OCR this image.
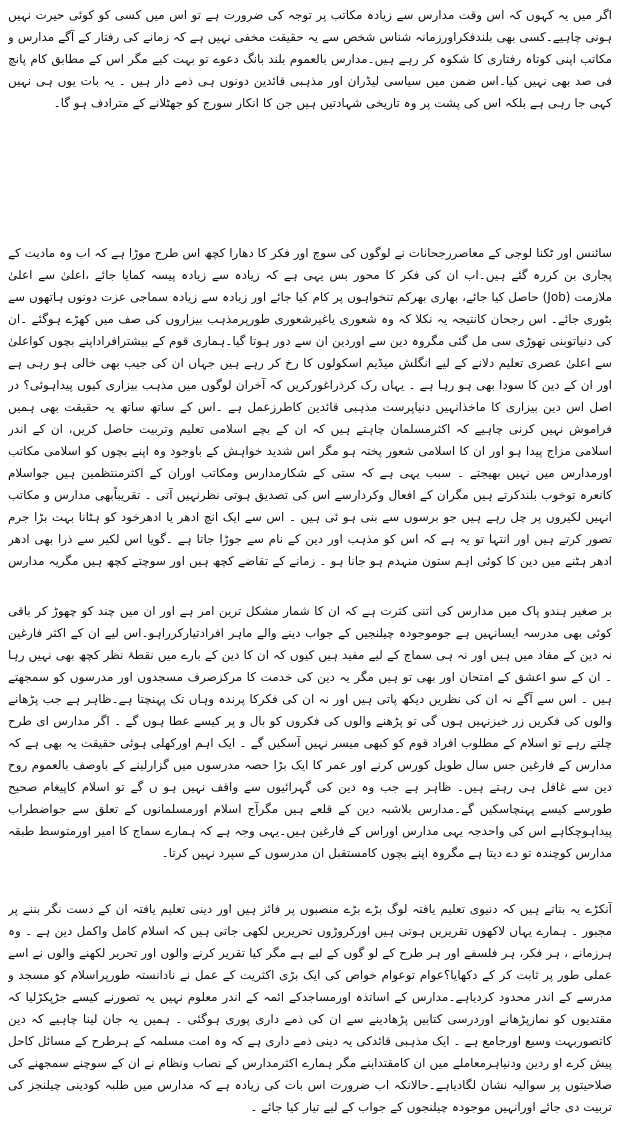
اگر میں یہ کہوں کہ اس وقت مدارس سے زیادہ مکاتب پر توجہ کی ضرورت ہے تو اس میں کسی کو کوئی حیرت نہیں ہونی چاہیے۔کسی بھی بلندفکراورزمانہ شناس شخص سے یہ حقیقت مخفی نہیں ہے کہ زمانے کی رفتار کے آگے مدارس و مکاتب اپنی کوتاہ رفتاری کا شکوہ کر رہے ہیں۔مدارس بالعموم بلند بانگ دعوے تو بہت کیے مگر اس کے مطابق کام پانچ فی صد بھی نہیں کیا۔اس ضمن میں سیاسی لیڈران اور مذہبی قائدین دونوں ہی ذمے دار ہیں ۔ یہ بات یوں ہی نہیں کہی جا رہی ہے بلکہ اس کی پشت پر وہ تاریخی شہادتیں ہیں جن کا انکار سورج کو جھٹلانے کے مترادف ہو گا۔

سائنس اور ٹکنا لوجی کے معاصررجحانات نے لوگوں کی سوچ اور فکر کا دھارا کچھ اس طرح موڑا ہے کہ اب وہ مادیت کے پجاری بن کررہ گئے ہیں۔اب ان کی فکر کا محور بس یہی ہے کہ زیادہ سے زیادہ پیسہ کمایا جائے ،اعلیٰ سے اعلیٰ ملازمت (Job) حاصل کیا جائے، بھاری بھرکم تنخواہوں پر کام کیا جائے اور زیادہ سے زیادہ سماجی عزت دونوں ہاتھوں سے بٹوری جائے۔ اس رجحان کانتیجہ یہ نکلا کہ وہ شعوری یاغیرشعوری طورپرمذہب بیزاروں کی صف میں کھڑے ہوگئے ۔ان کی دنیاتوبنی تھوڑی سی مل گئی مگروہ دین سے اوردین ان سے دور ہوتا گیا۔ہماری قوم کے بیشترافراداپنے بچوں کواعلیٰ سے اعلیٰ عصری تعلیم دلانے کے لیے انگلش میڈیم اسکولوں کا رخ کر رہے ہیں جہاں ان کی جیب بھی خالی ہو رہی ہے اور ان کے دین کا سودا بھی ہو رہا ہے ۔ یہاں رک کرذراغورکریں کہ آخران لوگوں میں مذہب بیزاری کیوں پیداہوئی؟ در اصل اس دین بیزاری کا ماخذانہیں دنیاپرست مذہبی قائدین کاطرزعمل ہے ۔اس کے ساتھ ساتھ یہ حقیقت بھی ہمیں فراموش نہیں کرنی چاہیے کہ اکثرمسلمان چاہتے ہیں کہ ان کے بچے اسلامی تعلیم وتربیت حاصل کریں، ان کے اندر اسلامی مزاج پیدا ہو اور ان کا اسلامی شعور پختہ ہو مگر اس شدید خواہش کے باوجود وہ اپنے بچوں کو اسلامی مکاتب اورمدارس میں نہیں بھیجتے ۔ سبب یہی ہے کہ ستی کے شکارمدارس ومکاتب اوران کے اکثرمنتظمین ہیں جواسلام کانعرہ توخوب بلندکرتے ہیں مگران کے افعال وکردارسے اس کی تصدیق ہوتی نظرنہیں آتی ۔ تقریباًبھی مدارس و مکاتب انہیں لکیروں پر چل رہے ہیں جو برسوں سے بنی ہو ئی ہیں ۔ اس سے ایک انچ ادھر یا ادھرخود کو ہٹانا بہت بڑا جرم تصور کرتے ہیں اور انتہا تو یہ ہے کہ اس کو مذہب اور دین کے نام سے جوڑا جاتا ہے ۔گویا اس لکیر سے ذرا بھی ادھر ادھر ہٹنے میں دین کا کوئی اہم ستون منہدم ہو جانا ہو ۔ زمانے کے تقاضے کچھ ہیں اور سوچتے کچھ ہیں مگریہ مدارس

بر صغیر ہندو پاک میں مدارس کی اتنی کثرت ہے کہ ان کا شمار مشکل ترین امر ہے اور ان میں چند کو چھوڑ کر باقی کوئی بھی مدرسہ ایسانہیں ہے جوموجودہ چیلنجیں کے جواب دینے والے ماہر افرادتیارکرراہو۔اس لیے ان کے اکثر فارغین نہ دین کے مفاد میں ہیں اور نہ ہی سماج کے لیے مفید ہیں کیوں کہ ان کا دین کے بارے میں نقطۂ نظر کچھ بھی نہیں رہا ۔ ان کے سو اعشق کے امتحان اور بھی تو ہیں مگر یہ دین کی خدمت کا مرکزصرف مسجدوں اور مدرسوں کو سمجھتے ہیں ۔ اس سے آگے نہ ان کی نظریں دیکھ پاتی ہیں اور نہ ان کی فکرکا پرندہ وہاں تک پہنچتا ہے۔ظاہر ہے جب پڑھانے والوں کی فکریں زر خیزنہیں ہوں گی تو پڑھنے والوں کی فکروں کو بال و پر کیسے عطا ہوں گے ۔ اگر مدارس ای طرح چلتے رہے تو اسلام کے مطلوب افراد قوم کو کبھی میسر نہیں آسکیں گے ۔ ایک اہم اورکھلی ہوئی حقیقت یہ بھی ہے کہ مدارس کے فارغین جس سال طویل کورس کرنے اور عمر کا ایک بڑا حصہ مدرسوں میں گزارلینے کے باوصف بالعموم روح دین سے غافل ہی رہتے ہیں۔ ظاہر ہے جب وہ دین کی گہرائیوں سے واقف نہیں ہو ں گے تو اسلام کاپیغام صحیح طورسے کیسے پہنچاسکیں گے۔مدارس بلاشبہ دین کے قلعے ہیں مگرآج اسلام اورمسلمانوں کے تعلق سے جواضطراب پیداہوچکاہے اس کی واحدجہ یہی مدارس اوراس کے فارغین ہیں۔یہی وجہ ہے کہ ہمارے سماج کا امیر اورمتوسط طبقہ مدارس کوچندہ تو دے دیتا ہے مگروہ اپنے بچوں کامستقبل ان مدرسوں کے سپرد نہیں کرتا۔

آنکڑے یہ بتاتے ہیں کہ دنیوی تعلیم یافتہ لوگ بڑے بڑے منصبوں پر فائز ہیں اور دینی تعلیم یافتہ ان کے دست نگر بننے پر مجبور ۔ ہمارے یہاں لاکھوں تقریریں ہوتی ہیں اورکروڑوں تحریریں لکھی جاتی ہیں کہ اسلام کامل واکمل دین ہے ۔ وہ ہرزمانے ، ہر فکر، ہر فلسفے اور ہر طرح کے لو گوں کے لیے ہے مگر کیا تقریر کرنے والوں اور تحریر لکھنے والوں نے اسے عملی طور پر ثابت کر کے دکھایا؟عوام توعوام خواص کی ایک بڑی اکثریت کے عمل نے نادانستہ طورپراسلام کو مسجد و مدرسے کے اندر محدود کردیاہے۔مدارس کے اساتذہ اورمساجدکے ائمہ کے اندر معلوم نہیں یہ تصورنے کیسے جڑپکڑلیا کہ مقتدیوں کو نمازپڑھانے اوردرسی کتابیں پڑھادینے سے ان کی ذمے داری پوری ہوگئی ۔ ہمیں یہ جان لینا چاہیے کہ دین کاتصوربہت وسیع اورجامع ہے ۔ ایک مذہبی قائدکی یہ دینی ذمے داری ہے کہ وہ امت مسلمہ کے ہرطرح کے مسائل کاحل پیش کرے او ردین ودنیاہرمعاملے میں ان کامقتدابنے مگر ہمارے اکثرمدارس کے نصاب ونظام نے ان کے سوچنے سمجھنے کی صلاحیتوں پر سوالیہ نشان لگادیاہے۔حالانکہ اب ضرورت اس بات کی زیادہ ہے کہ مدارس میں طلبہ کودینی چیلنجز کی تربیت دی جائے اورانہیں موجودہ چیلنجوں کے جواب کے لیے تیار کیا جائے ۔
